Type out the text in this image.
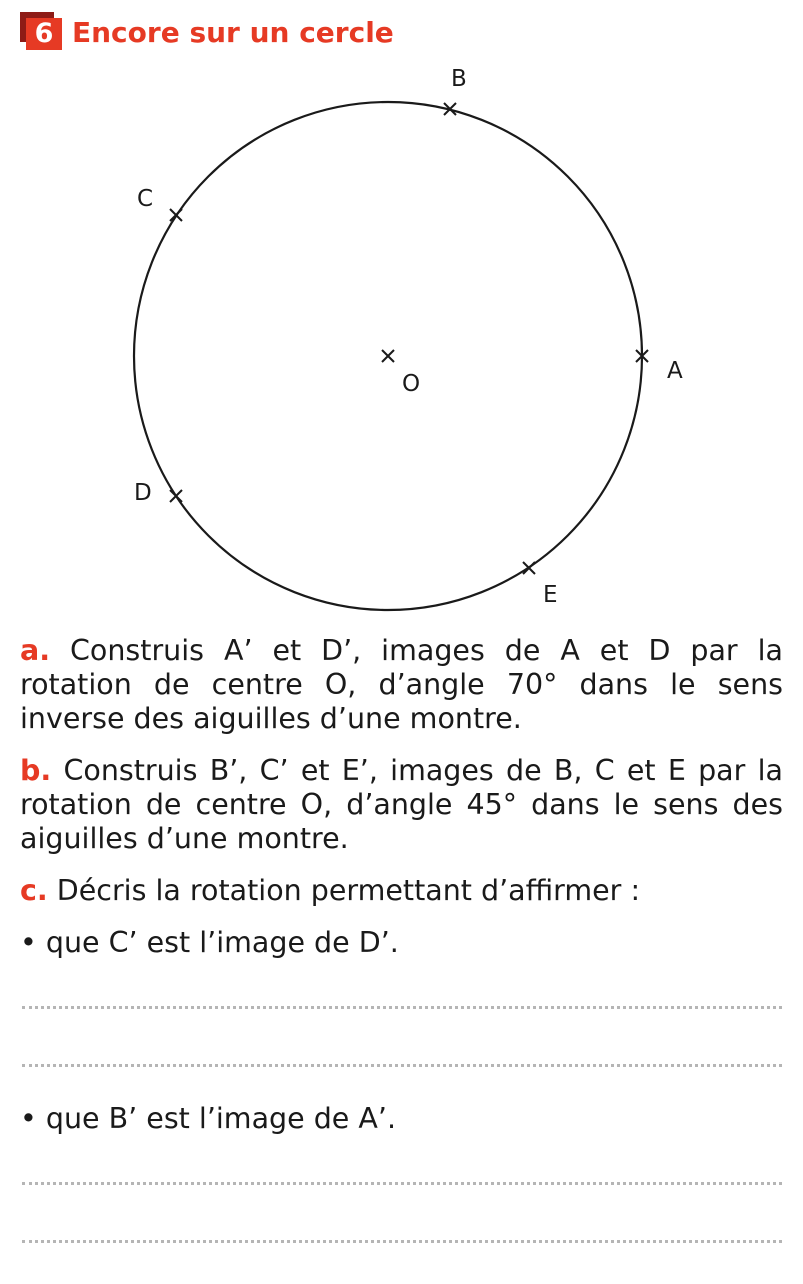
6 Encore sur un cercle
A
B
C
D
E
O
a. Construis A’ et D’, images de A et D par la rotation de centre O, d’angle 70° dans le sens inverse des aiguilles d’une montre.
b. Construis B’, C’ et E’, images de B, C et E par la rotation de centre O, d’angle 45° dans le sens des aiguilles d’une montre.
c. Décris la rotation permettant d’affirmer :
• que C’ est l’image de D’.
• que B’ est l’image de A’.
